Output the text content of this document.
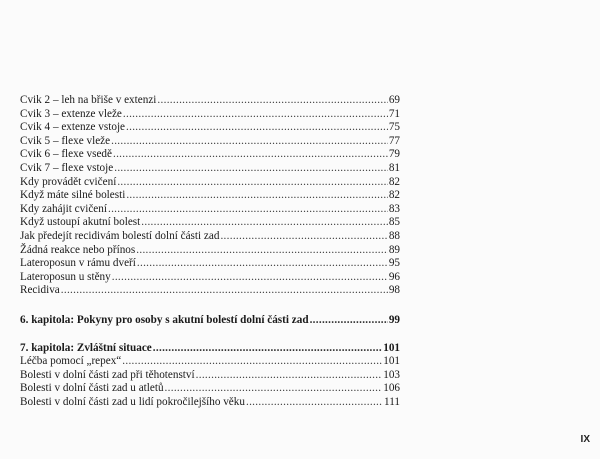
Cvik 2 – leh na břiše v extenzi .....	69
Cvik 3 – extenze vleže .....	71
Cvik 4 – extenze vstoje .....	75
Cvik 5 – flexe vleže .....	77
Cvik 6 – flexe vsedě .....	79
Cvik 7 – flexe vstoje .....	81
Kdy provádět cvičení .....	82
Když máte silné bolesti .....	82
Kdy zahájit cvičení .....	83
Když ustoupí akutní bolest .....	85
Jak předejít recidivám bolestí dolní části zad .....	88
Žádná reakce nebo přínos .....	89
Lateroposun v rámu dveří .....	95
Lateroposun u stěny .....	96
Recidiva .....	98
6. kapitola: Pokyny pro osoby s akutní bolestí dolní části zad .....	99
7. kapitola: Zvláštní situace .....	101
Léčba pomocí „repex“ .....	101
Bolesti v dolní části zad při těhotenství .....	103
Bolesti v dolní části zad u atletů .....	106
Bolesti v dolní části zad u lidí pokročilejšího věku .....	111
IX
